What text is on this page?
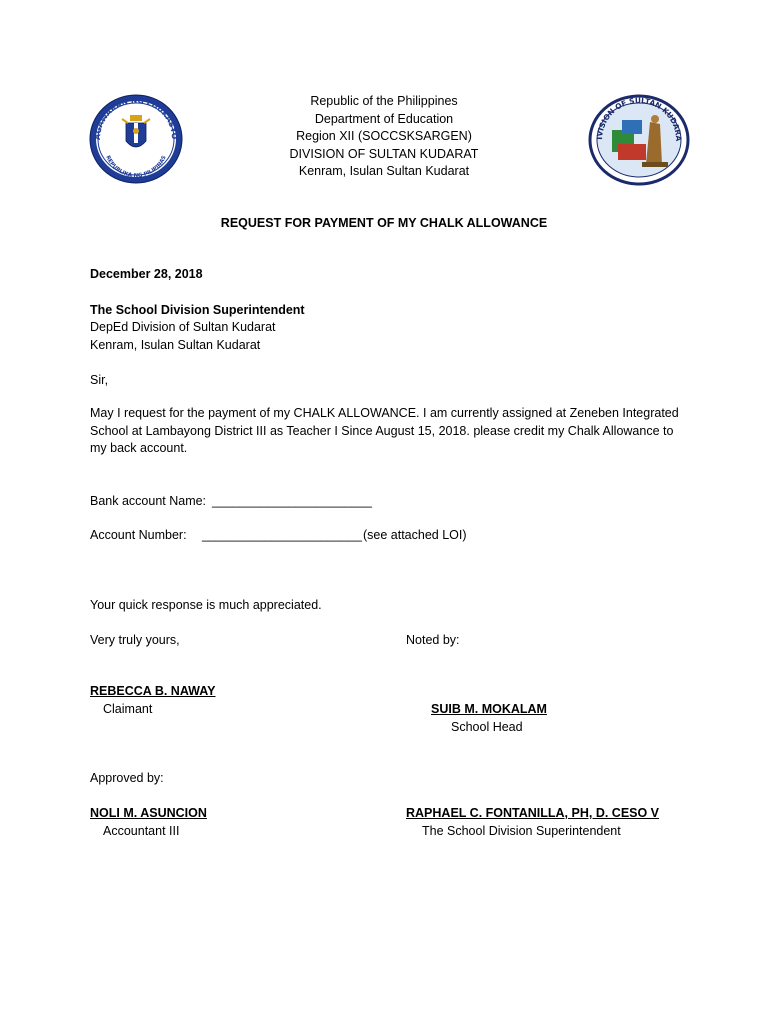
AGAWARAN NG EDUKASYO
REPUBLIKA NG PILIPINAS
IVISION OF SULTAN KUDARA
Republic of the Philippines
Department of Education
Region XII (SOCCSKSARGEN)
DIVISION OF SULTAN KUDARAT
Kenram, Isulan Sultan Kudarat
REQUEST FOR PAYMENT OF MY CHALK ALLOWANCE
December 28, 2018
The School Division Superintendent
DepEd Division of Sultan Kudarat
Kenram, Isulan Sultan Kudarat
Sir,
May I request for the payment of my CHALK ALLOWANCE. I am currently assigned at Zeneben Integrated School at Lambayong District III as Teacher I Since August 15, 2018. please credit my Chalk Allowance to my back account.
Bank account Name: _______________________
Account Number: _______________________ (see attached LOI)
Your quick response is much appreciated.
Very truly yours,	Noted by:
REBECCA B. NAWAY
Claimant	SUIB M. MOKALAM
School Head
Approved by:
NOLI M. ASUNCION
Accountant III
RAPHAEL C. FONTANILLA, PH, D. CESO V
The School Division Superintendent
